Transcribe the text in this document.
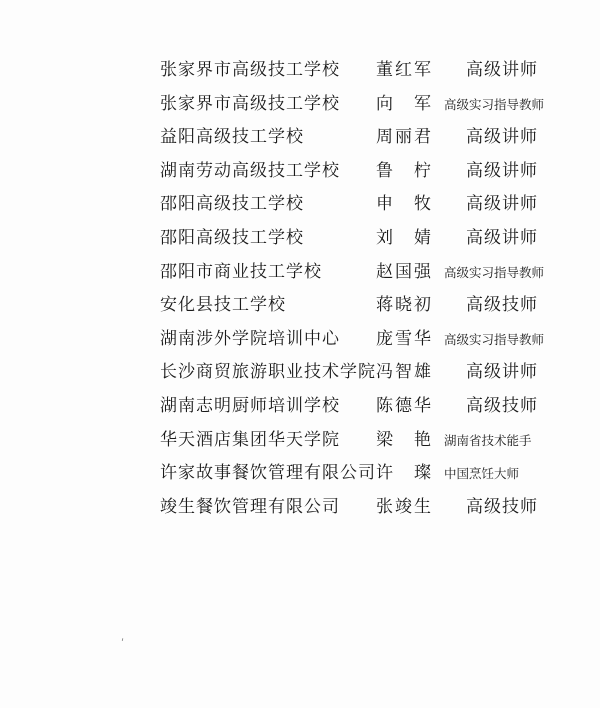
张家界市高级技工学校 董红军 高级讲师
张家界市高级技工学校 向　军 高级实习指导教师
益阳高级技工学校	周丽君 高级讲师
湖南劳动高级技工学校 鲁　柠 高级讲师
邵阳高级技工学校	申　牧 高级讲师
邵阳高级技工学校	刘　婧 高级讲师
邵阳市商业技工学校	赵国强 高级实习指导教师
安化县技工学校	蒋晓初 高级技师
湖南涉外学院培训中心 庞雪华 高级实习指导教师
长沙商贸旅游职业技术学院 冯智雄 高级讲师
湖南志明厨师培训学校 陈德华 高级技师
华天酒店集团华天学院 梁　艳 湖南省技术能手
许家故事餐饮管理有限公司 许　璨 中国烹饪大师
竣生餐饮管理有限公司 张竣生 高级技师
ʹ
